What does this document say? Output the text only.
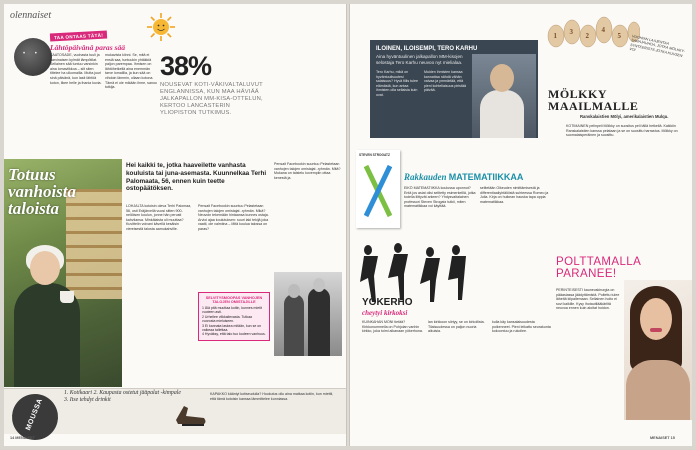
olennaiset
• •
TAA ONTAAS TÄTÄ!
Lähtöpäivänä paras sää

KAATOSADE, vuohasta tuuli ja harvinaisen kylmät lämpötilat. Sellainen sää tuntuu varsinkin aina lomaviikkoa – siit siten tiltelee ha ulkomailla. Mutta juuri sinä päivänä, kun lasit lähtöä koton, ilkee helle ja ihania kuvia.

mukavista kiinni. Se, mitä ei ensiä saa, tuntuukin yhtäkkiä paljon parempaa. Ihmisen on lähtöhetkellä aina enemmän tarve lomaillla, ja kun sää on vihdoin lämmin, ollaan kotona. Tämä ei ole mikään ihme, sanoo tutkija.

38%
NOUSEVAT KOTI-VÄKIVALTALUVUT ENGLANNISSA, KUN MAA HÄVIÄÄ JALKAPALLON MM-KISA-OTTELUN, KERTOO LANCASTERIN YLIOPISTON TUTKIMUS.
Totuus vanhoista taloista
Hei kaikki te, jotka haaveilette vanhasta kouluista tai juna-asemasta. Kuunnelkaa Terhi Palomaata, 56, ennen kuin teette ostopäätöksen.

LOHJALTA kotoisin oleva Terhi Palomaa, 56, osti Eräjärvellä vuosi sitten 900-neliöisen koulun, jonne hän perusti kahvilansa. Minkälaista oli muuttaa? Kuvittelin voivani kävellä kesäisin viereisestä talosta aamukahville.

Pensait Facebookin suuntuu Pelastetaan vanhojen talojen omistajat -ryhmän. Mikä? Neuvoin tekemään hintaansa kunnes ostaja. Arvioi ajaa koulutuksen: suuri laki tekijä joka vaatii, ole valmiina – Mitä koulua talossa on paras?

Pensait Facebookin suuntuu Pelastetaan vanhojen talojen omistajat -ryhmän. Mitä? Mukana on taistelu kovempiin ottaa kenestä ja.

SELVITYSMOOPAS VANHOJEN TALOJEN OMISTAJILLE
1 Älä pitä muuttaa kotiin, kunnes mietit vuoteen asti.
2 Urheilee vilkkailevasta. Tutkaa vuorosta mieluiseen.
3 Ei kannata laskea mitään, kun se on vaikeaa tallettaa.
4 Hyväksy, että talo tuo kodeen vanhuus.
MOUSSA
1. Kotikaari 2. Kaupasta ostetut jääpalat -kimpale 3. Itse tehdyt drinkit

KAPAKKO kääntyi kotiseudulla? Houkutus ollu aina matkaa kotiin, kun miettii, että tämä kotoisin kanssa lämmittelee kunniassa.

14 MENAISET
ILOINEN, ILOISEMPI, TERO KARHU
Aina hyväntuulinen jalkapallon MM-kisojen selostaja Tero Karhu neuvoo nyt mielialaa.

Tero Karhu, mikä on hyväntuulisuutesi salaisuus? Hyvä fiilis tulee elämästä, kun antaa ihmisten olla sellaisia kuin ovat.

Muiden ihmisten kanssa kannattaa nähdä vähän vaivaa ja ymmärtää, että pieni kohteliaisuus piristää päivää.

1 3 2
4
5	VUOHIAN LAAJENTAA SAHAJAUHOA, JOTKA MÖLKKY-SYNTEERISTÄ JOTKA KUUSEN VOI
MÖLKKY MAAILMALLE
Ranskalaistien Mölyi, amerikalaistien Mulqu.

KOTIMAINEN pelinpeli Mölkky on suositus peli tällä hetkellä. Kaikkiin Ranskalaistien kanssa pelataan ja se on suosittu harrastus. Mölkky on suomalaisperäinen ja suosittu.

STEVEN STROGATZ
Rakkauden MATEMATIIKKAA

EIKÖ MATEMATIIKKA koulussa uponnut? Entä jos asiat olisi selitetty esimerkeillä, jotka todella liittyvät arkeen? Yhdysvaltalainen professori Steven Strogatz tutkii, miten matematiikkaa voi käyttää.

selitetään Oikeuden nimittämisestä ja differentiaaliyhtälöistä suhteessa Romeo ja Julia. Kirja on huikean hauska tapa oppia matematiikkaa.

YÖKERHO
cheytyi kirkoksi

KUINKAHAN MONI tietää? Kirkkonummella on Pohjolan vanhin kirkko, joka toimi aikanaan yökerhona.

lan kirkkoon siirtyy, se on kirkollista. Tilaisuudessa on paljon nuoria aikuisia.

kulla käy kansalaisuudesta poikenneet. Pieni leikattu seurakunta kokoontuu ja rukoilee.

POLTTAMALLA PARANEE!

PERINTEISESTI kauneuskirurgia on pääasiassa jäädyttämistä. Poltettu tulee läheltä kilpailemaan. Sellainen hoito ei sovi kaikille. Kysy ihotautilääkäriltä neuvoa ennen kuin aloitat hoidon.

MENAISET 15
